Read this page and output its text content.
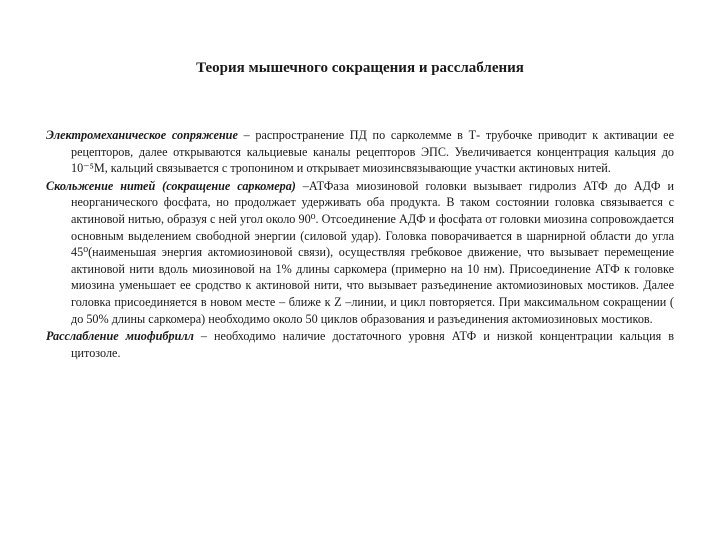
Теория мышечного сокращения и расслабления

Электромеханическое сопряжение – распространение ПД по сарколемме в Т- трубочке приводит к активации ее рецепторов, далее открываются кальциевые каналы рецепторов ЭПС. Увеличивается концентрация кальция до 10⁻⁵М, кальций связывается с тропонином и открывает миозинсвязывающие участки актиновых нитей.

Скольжение нитей (сокращение саркомера) –АТФаза миозиновой головки вызывает гидролиз АТФ до АДФ и неорганического фосфата, но продолжает удерживать оба продукта. В таком состоянии головка связывается с актиновой нитью, образуя с ней угол около 90⁰. Отсоединение АДФ и фосфата от головки миозина сопровождается основным выделением свободной энергии (силовой удар). Головка поворачивается в шарнирной области до угла 45⁰(наименьшая энергия актомиозиновой связи), осуществляя гребковое движение, что вызывает перемещение актиновой нити вдоль миозиновой на 1% длины саркомера (примерно на 10 нм). Присоединение АТФ к головке миозина уменьшает ее сродство к актиновой нити, что вызывает разъединение актомиозиновых мостиков. Далее головка присоединяется в новом месте – ближе к Z –линии, и цикл повторяется. При максимальном сокращении ( до 50% длины саркомера) необходимо около 50 циклов образования и разъединения актомиозиновых мостиков.

Расслабление миофибрилл – необходимо наличие достаточного уровня АТФ и низкой концентрации кальция в цитозоле.
